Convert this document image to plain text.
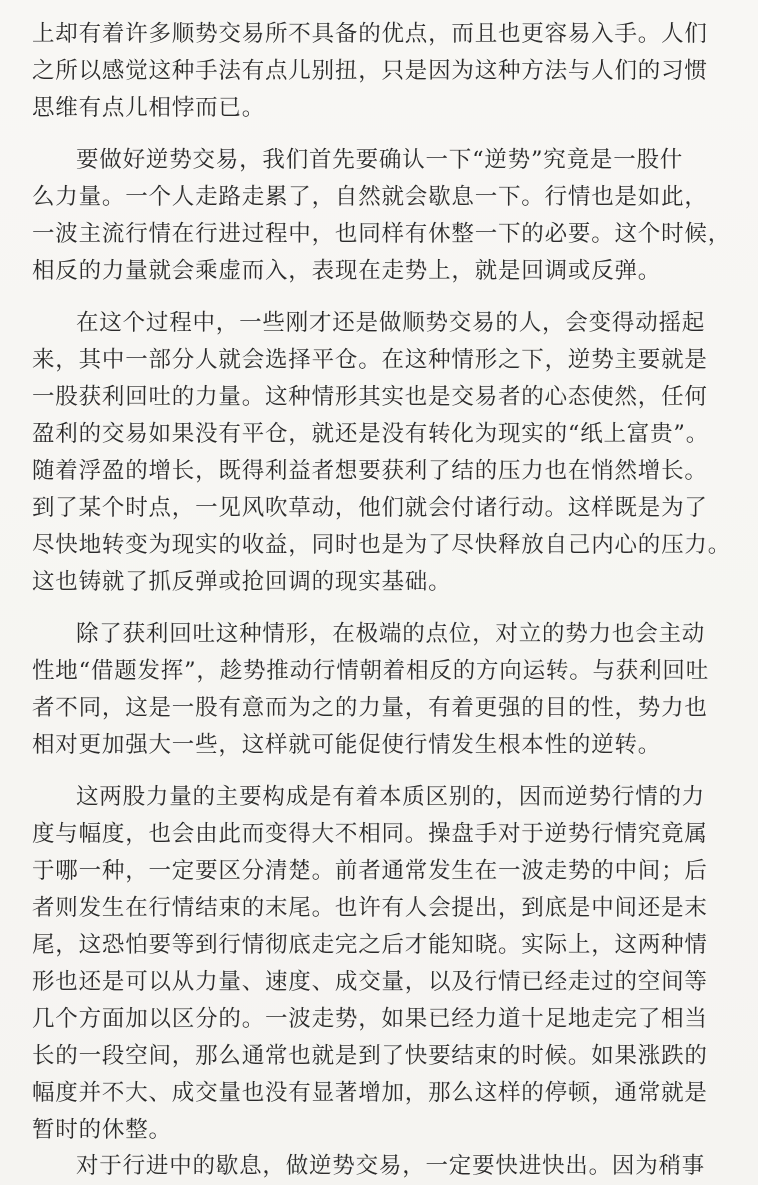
上却有着许多顺势交易所不具备的优点，而且也更容易入手。人们
之所以感觉这种手法有点儿别扭，只是因为这种方法与人们的习惯
思维有点儿相悖而已。
要做好逆势交易，我们首先要确认一下“逆势”究竟是一股什
么力量。一个人走路走累了，自然就会歇息一下。行情也是如此，
一波主流行情在行进过程中，也同样有休整一下的必要。这个时候，
相反的力量就会乘虚而入，表现在走势上，就是回调或反弹。
在这个过程中，一些刚才还是做顺势交易的人，会变得动摇起
来，其中一部分人就会选择平仓。在这种情形之下，逆势主要就是
一股获利回吐的力量。这种情形其实也是交易者的心态使然，任何
盈利的交易如果没有平仓，就还是没有转化为现实的“纸上富贵”。
随着浮盈的增长，既得利益者想要获利了结的压力也在悄然增长。
到了某个时点，一见风吹草动，他们就会付诸行动。这样既是为了
尽快地转变为现实的收益，同时也是为了尽快释放自己内心的压力。
这也铸就了抓反弹或抢回调的现实基础。
除了获利回吐这种情形，在极端的点位，对立的势力也会主动
性地“借题发挥”，趁势推动行情朝着相反的方向运转。与获利回吐
者不同，这是一股有意而为之的力量，有着更强的目的性，势力也
相对更加强大一些，这样就可能促使行情发生根本性的逆转。
这两股力量的主要构成是有着本质区别的，因而逆势行情的力
度与幅度，也会由此而变得大不相同。操盘手对于逆势行情究竟属
于哪一种，一定要区分清楚。前者通常发生在一波走势的中间；后
者则发生在行情结束的末尾。也许有人会提出，到底是中间还是末
尾，这恐怕要等到行情彻底走完之后才能知晓。实际上，这两种情
形也还是可以从力量、速度、成交量，以及行情已经走过的空间等
几个方面加以区分的。一波走势，如果已经力道十足地走完了相当
长的一段空间，那么通常也就是到了快要结束的时候。如果涨跌的
幅度并不大、成交量也没有显著增加，那么这样的停顿，通常就是
暂时的休整。
对于行进中的歇息，做逆势交易，一定要快进快出。因为稍事
